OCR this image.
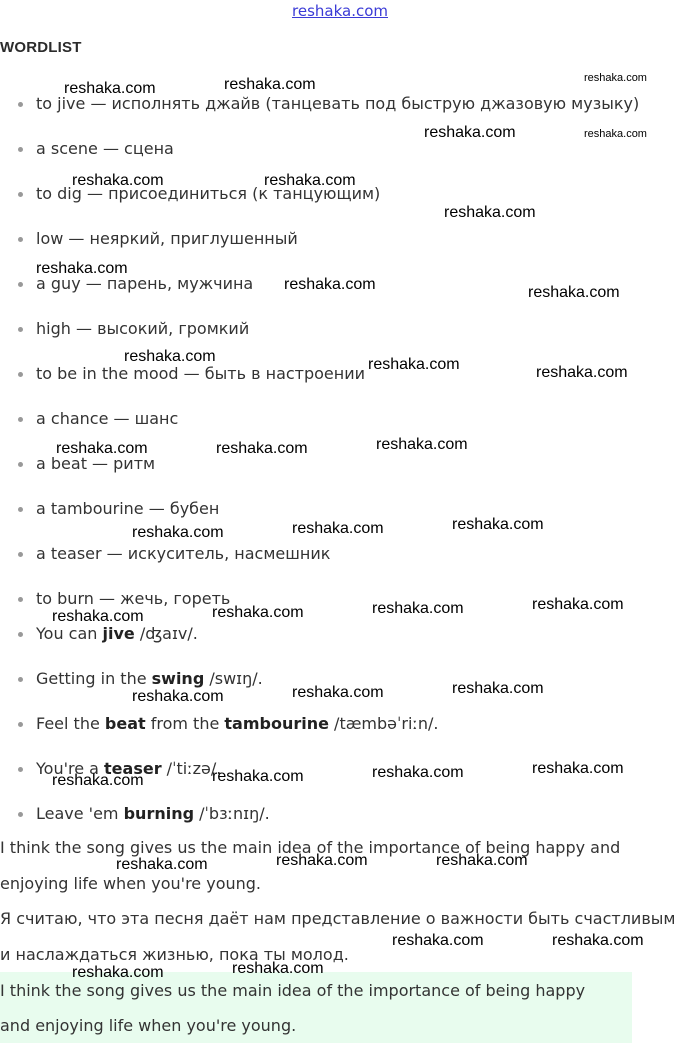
reshaka.com
WORDLIST
to jive — исполнять джайв (танцевать под быструю джазовую музыку)
a scene — сцена
to dig — присоединиться (к танцующим)
low — неяркий, приглушенный
a guy — парень, мужчина
high — высокий, громкий
to be in the mood — быть в настроении
a chance — шанс
a beat — ритм
a tambourine — бубен
a teaser — искуситель, насмешник
to burn — жечь, гореть
You can jive /ʤaɪv/.
Getting in the swing /swɪŋ/.
Feel the beat from the tambourine /tæmbəˈriːn/.
You're a teaser /ˈtiːzə/.
Leave 'em burning /ˈbɜːnɪŋ/.
I think the song gives us the main idea of the importance of being happy and
enjoying life when you're young.
Я считаю, что эта песня даёт нам представление о важности быть счастливым
и наслаждаться жизнью, пока ты молод.
I think the song gives us the main idea of the importance of being happy
and enjoying life when you're young.
reshaka.com	reshaka.com	reshaka.com
reshaka.com	reshaka.com
reshaka.com	reshaka.com
reshaka.com
reshaka.com
reshaka.com	reshaka.com
reshaka.com	reshaka.com	reshaka.com
reshaka.com	reshaka.com	reshaka.com
reshaka.com	reshaka.com	reshaka.com
reshaka.com	reshaka.com	reshaka.com	reshaka.com
reshaka.com	reshaka.com	reshaka.com
reshaka.com	reshaka.com	reshaka.com	reshaka.com
reshaka.com	reshaka.com	reshaka.com
reshaka.com	reshaka.com
reshaka.com	reshaka.com
